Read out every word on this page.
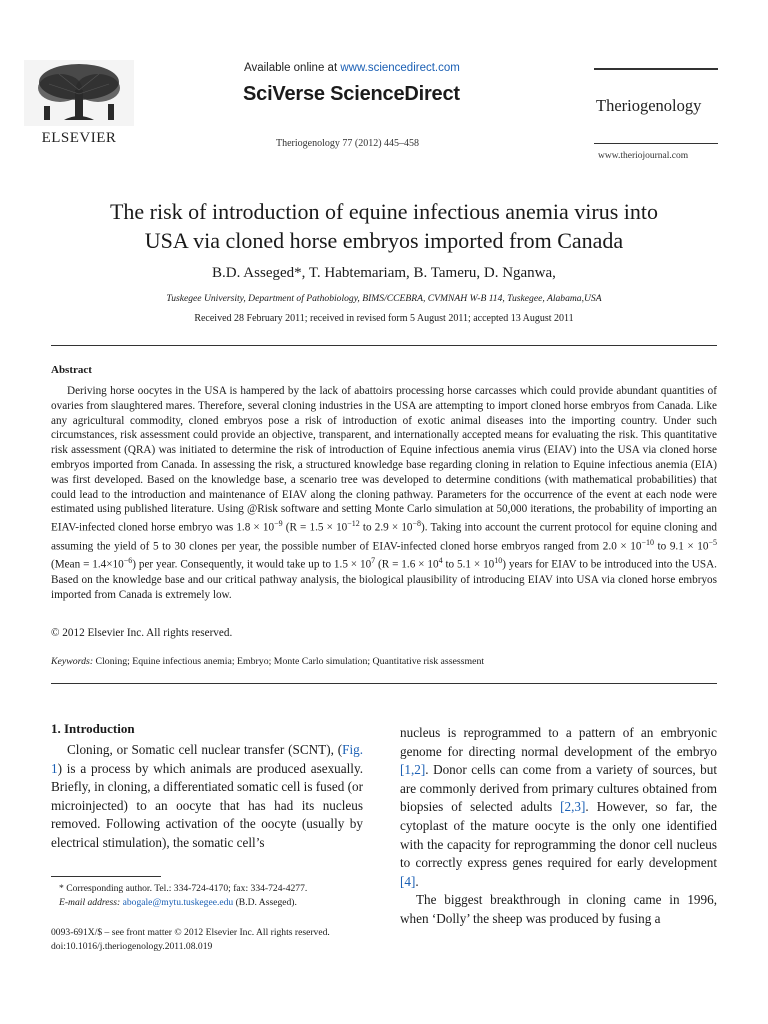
ELSEVIER
Available online at www.sciencedirect.com
SciVerse ScienceDirect
Theriogenology 77 (2012) 445–458
Theriogenology
www.theriojournal.com
The risk of introduction of equine infectious anemia virus into
USA via cloned horse embryos imported from Canada
B.D. Asseged*, T. Habtemariam, B. Tameru, D. Nganwa,
Tuskegee University, Department of Pathobiology, BIMS/CCEBRA, CVMNAH W-B 114, Tuskegee, Alabama,USA
Received 28 February 2011; received in revised form 5 August 2011; accepted 13 August 2011
Abstract
Deriving horse oocytes in the USA is hampered by the lack of abattoirs processing horse carcasses which could provide abundant quantities of ovaries from slaughtered mares. Therefore, several cloning industries in the USA are attempting to import cloned horse embryos from Canada. Like any agricultural commodity, cloned embryos pose a risk of introduction of exotic animal diseases into the importing country. Under such circumstances, risk assessment could provide an objective, transparent, and internationally accepted means for evaluating the risk. This quantitative risk assessment (QRA) was initiated to determine the risk of introduction of Equine infectious anemia virus (EIAV) into the USA via cloned horse embryos imported from Canada. In assessing the risk, a structured knowledge base regarding cloning in relation to Equine infectious anemia (EIA) was first developed. Based on the knowledge base, a scenario tree was developed to determine conditions (with mathematical probabilities) that could lead to the introduction and maintenance of EIAV along the cloning pathway. Parameters for the occurrence of the event at each node were estimated using published literature. Using @Risk software and setting Monte Carlo simulation at 50,000 iterations, the probability of importing an EIAV-infected cloned horse embryo was $1.8 \times 10^{-9}$ ($R = 1.5 \times 10^{-12}$ to $2.9 \times 10^{-8}$). Taking into account the current protocol for equine cloning and assuming the yield of 5 to 30 clones per year, the possible number of EIAV-infected cloned horse embryos ranged from $2.0 \times 10^{-10}$ to $9.1 \times 10^{-5}$ (Mean = $1.4\times 10^{-6}$) per year. Consequently, it would take up to $1.5 \times 10^7$ ($R = 1.6 \times 10^4$ to $5.1 \times 10^{10}$) years for EIAV to be introduced into the USA. Based on the knowledge base and our critical pathway analysis, the biological plausibility of introducing EIAV into USA via cloned horse embryos imported from Canada is extremely low.
© 2012 Elsevier Inc. All rights reserved.
Keywords: Cloning; Equine infectious anemia; Embryo; Monte Carlo simulation; Quantitative risk assessment
1. Introduction
Cloning, or Somatic cell nuclear transfer (SCNT), (Fig. 1) is a process by which animals are produced asexually. Briefly, in cloning, a differentiated somatic cell is fused (or microinjected) to an oocyte that has had its nucleus removed. Following activation of the oocyte (usually by electrical stimulation), the somatic cell’s
nucleus is reprogrammed to a pattern of an embryonic genome for directing normal development of the embryo [1,2]. Donor cells can come from a variety of sources, but are commonly derived from primary cultures obtained from biopsies of selected adults [2,3]. However, so far, the cytoplast of the mature oocyte is the only one identified with the capacity for reprogramming the donor cell nucleus to correctly express genes required for early development [4].
The biggest breakthrough in cloning came in 1996, when ‘Dolly’ the sheep was produced by fusing a
* Corresponding author. Tel.: 334-724-4170; fax: 334-724-4277.
E-mail address: abogale@mytu.tuskegee.edu (B.D. Asseged).
0093-691X/$ – see front matter © 2012 Elsevier Inc. All rights reserved.
doi:10.1016/j.theriogenology.2011.08.019
